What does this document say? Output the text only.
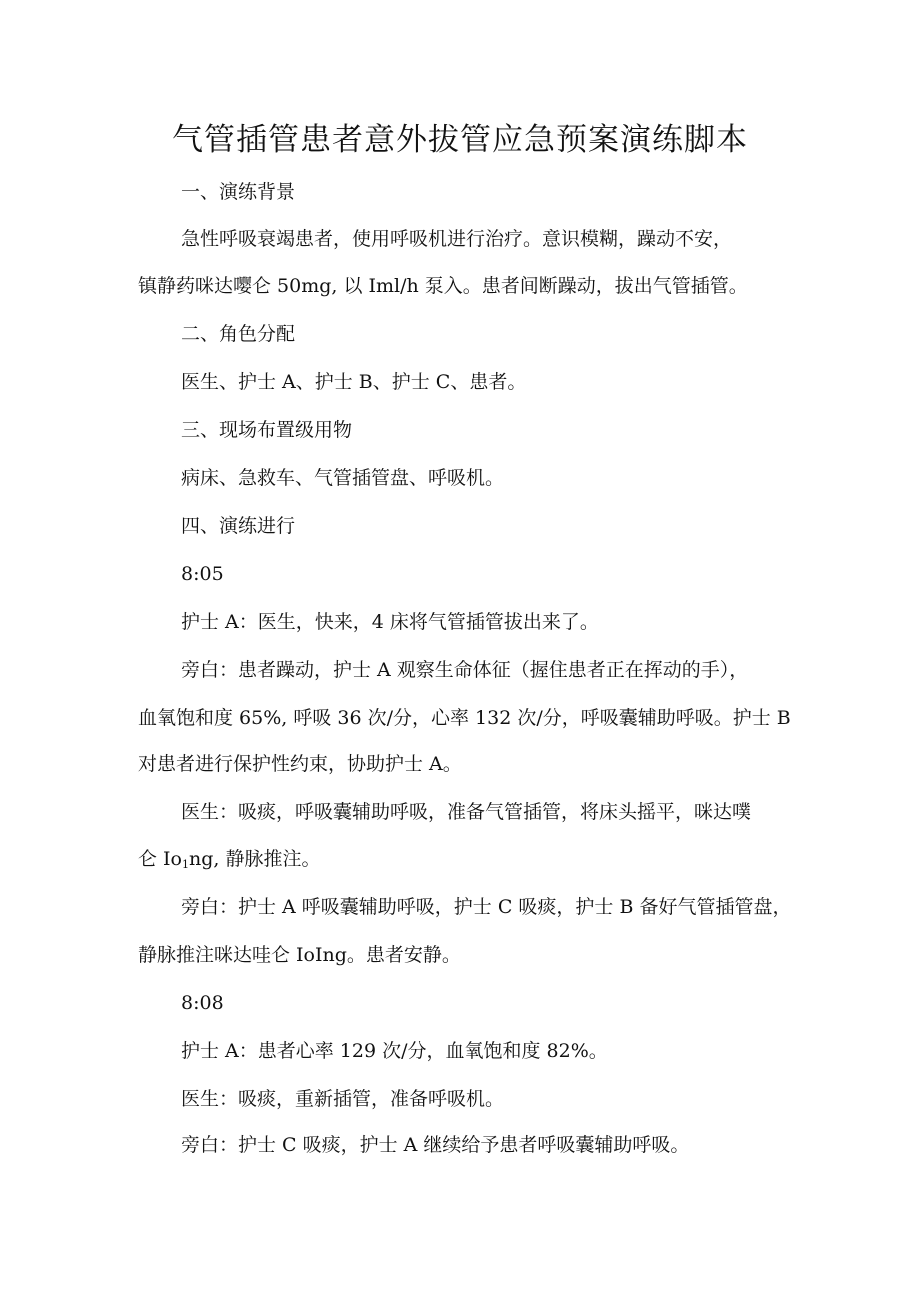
气管插管患者意外拔管应急预案演练脚本

一、演练背景

急性呼吸衰竭患者，使用呼吸机进行治疗。意识模糊，躁动不安，

镇静药咪达嘤仑 50mg, 以 Iml/h 泵入。患者间断躁动，拔出气管插管。

二、角色分配

医生、护士 A、护士 B、护士 C、患者。

三、现场布置级用物

病床、急救车、气管插管盘、呼吸机。

四、演练进行

8:05

护士 A：医生，快来，4 床将气管插管拔出来了。

旁白：患者躁动，护士 A 观察生命体征（握住患者正在挥动的手），

血氧饱和度 65%, 呼吸 36 次/分，心率 132 次/分，呼吸囊辅助呼吸。护士 B

对患者进行保护性约束，协助护士 A。

医生：吸痰，呼吸囊辅助呼吸，准备气管插管，将床头摇平，咪达噗

仑 $Io_1ng$, 静脉推注。

旁白：护士 A 呼吸囊辅助呼吸，护士 C 吸痰，护士 B 备好气管插管盘，

静脉推注咪达哇仑 IoIng。患者安静。

8:08

护士 A：患者心率 129 次/分，血氧饱和度 82%。

医生：吸痰，重新插管，准备呼吸机。

旁白：护士 C 吸痰，护士 A 继续给予患者呼吸囊辅助呼吸。
